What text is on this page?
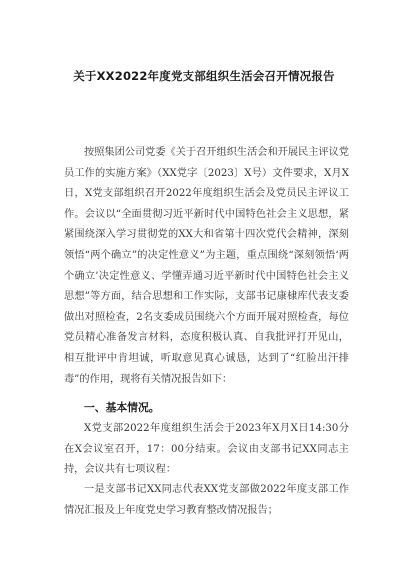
关于XX2022年度党支部组织生活会召开情况报告
按照集团公司党委《关于召开组织生活会和开展民主评议党员工作的实施方案》（XX党字〔2023〕X号）文件要求，X月X日，X党支部组织召开2022年度组织生活会及党员民主评议工作。会议以“全面贯彻习近平新时代中国特色社会主义思想，紧紧围绕深入学习贯彻党的XX大和省第十四次党代会精神，深刻领悟“两个确立”的决定性意义”为主题，重点围绕“深刻领悟‘两个确立’决定性意义、学懂弄通习近平新时代中国特色社会主义思想”等方面，结合思想和工作实际，支部书记康棣库代表支委做出对照检查，2名支委成员围绕六个方面开展对照检查，每位党员精心准备发言材料，态度积极认真、自我批评打开见山，相互批评中肯坦诚，听取意见真心诚恳，达到了“红脸出汗排毒”的作用，现将有关情况报告如下：
一、基本情况。
X党支部2022年度组织生活会于2023年X月X日14:30分在X会议室召开，17：00分结束。会议由支部书记XX同志主持，会议共有七项议程：
一是支部书记XX同志代表XX党支部做2022年度支部工作情况汇报及上年度党史学习教育整改情况报告；
